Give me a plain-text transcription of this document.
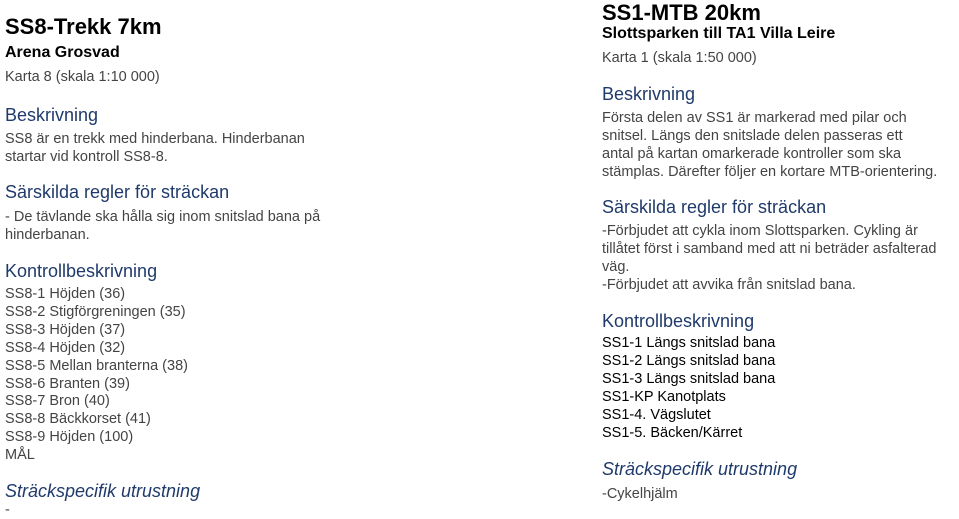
SS8-Trekk 7km
Arena Grosvad
Karta 8 (skala 1:10 000)
Beskrivning
SS8 är en trekk med hinderbana. Hinderbanan
startar vid kontroll SS8-8.
Särskilda regler för sträckan
- De tävlande ska hålla sig inom snitslad bana på
hinderbanan.
Kontrollbeskrivning
SS8-1 Höjden (36)
SS8-2 Stigförgreningen (35)
SS8-3 Höjden (37)
SS8-4 Höjden (32)
SS8-5 Mellan branterna (38)
SS8-6 Branten (39)
SS8-7 Bron (40)
SS8-8 Bäckkorset (41)
SS8-9 Höjden (100)
MÅL
Sträckspecifik utrustning
-
SS1-MTB 20km
Slottsparken till TA1 Villa Leire
Karta 1 (skala 1:50 000)
Beskrivning
Första delen av SS1 är markerad med pilar och
snitsel. Längs den snitslade delen passeras ett
antal på kartan omarkerade kontroller som ska
stämplas. Därefter följer en kortare MTB-orientering.
Särskilda regler för sträckan
-Förbjudet att cykla inom Slottsparken. Cykling är
tillåtet först i samband med att ni beträder asfalterad
väg.
-Förbjudet att avvika från snitslad bana.
Kontrollbeskrivning
SS1-1 Längs snitslad bana
SS1-2 Längs snitslad bana
SS1-3 Längs snitslad bana
SS1-KP Kanotplats
SS1-4. Vägslutet
SS1-5. Bäcken/Kärret
Sträckspecifik utrustning
-Cykelhjälm
